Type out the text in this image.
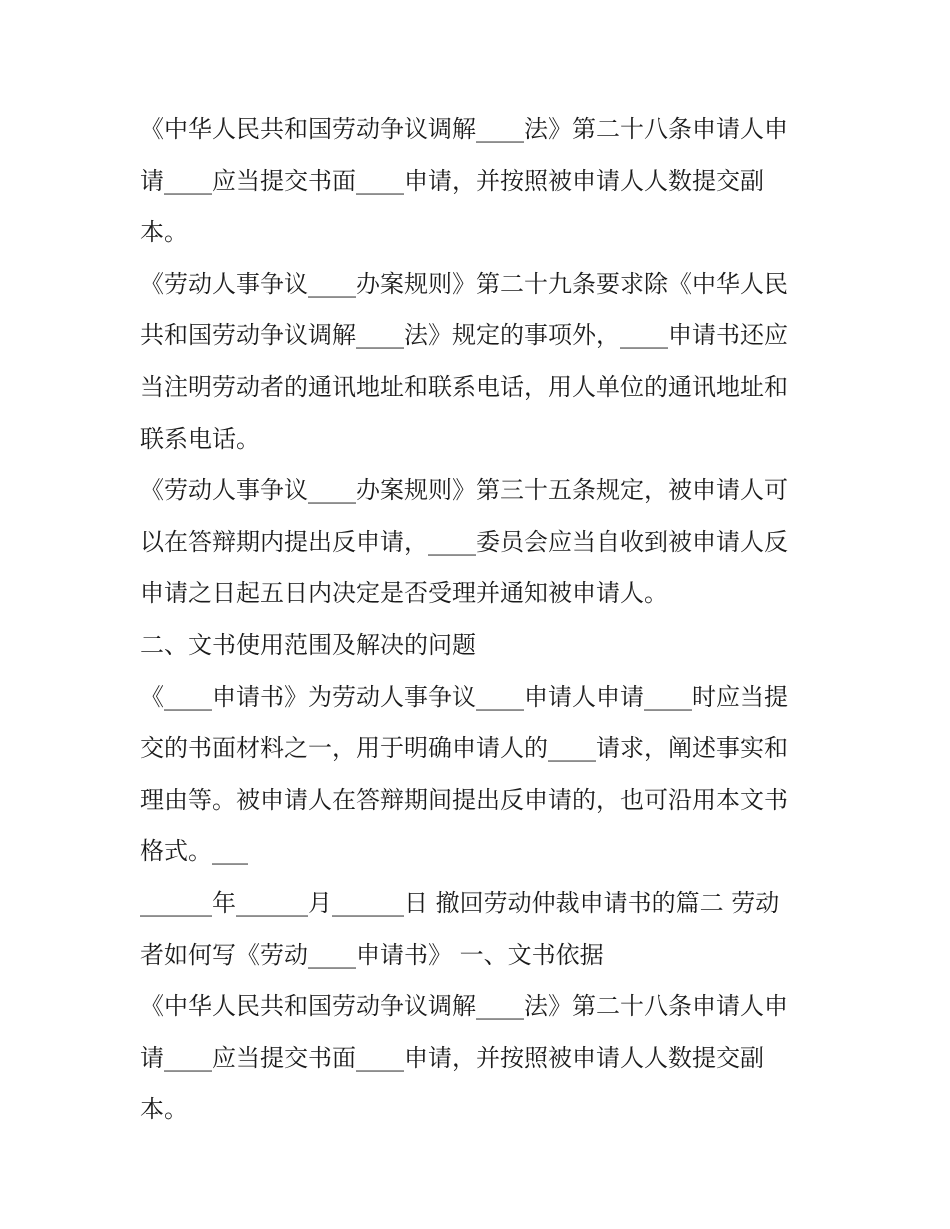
《中华人民共和国劳动争议调解____法》第二十八条申请人申
请____应当提交书面____申请，并按照被申请人人数提交副
本。
《劳动人事争议____办案规则》第二十九条要求除《中华人民
共和国劳动争议调解____法》规定的事项外，____申请书还应
当注明劳动者的通讯地址和联系电话，用人单位的通讯地址和
联系电话。
《劳动人事争议____办案规则》第三十五条规定，被申请人可
以在答辩期内提出反申请，____委员会应当自收到被申请人反
申请之日起五日内决定是否受理并通知被申请人。
二、文书使用范围及解决的问题
《____申请书》为劳动人事争议____申请人申请____时应当提
交的书面材料之一，用于明确申请人的____请求，阐述事实和
理由等。被申请人在答辩期间提出反申请的，也可沿用本文书
格式。___
______年______月______日 撤回劳动仲裁申请书的篇二 劳动
者如何写《劳动____申请书》 一、文书依据
《中华人民共和国劳动争议调解____法》第二十八条申请人申
请____应当提交书面____申请，并按照被申请人人数提交副
本。
